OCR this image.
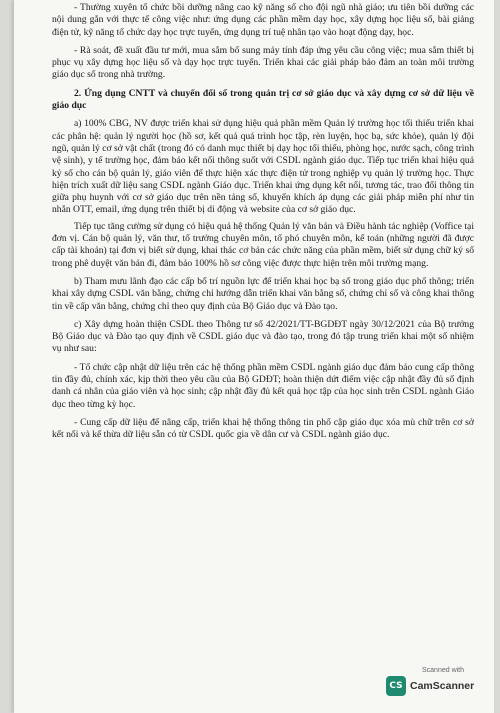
- Thường xuyên tổ chức bồi dưỡng nâng cao kỹ năng số cho đội ngũ nhà giáo; ưu tiên bồi dưỡng các nội dung gắn với thực tế công việc như: ứng dụng các phần mềm dạy học, xây dựng học liệu số, bài giảng điện tử, kỹ năng tổ chức dạy học trực tuyến, ứng dụng trí tuệ nhân tạo vào hoạt động dạy, học.

- Rà soát, đề xuất đầu tư mới, mua sắm bổ sung máy tính đáp ứng yêu cầu công việc; mua sắm thiết bị phục vụ xây dựng học liệu số và dạy học trực tuyến. Triển khai các giải pháp bảo đảm an toàn môi trường giáo dục số trong nhà trường.

2. Ứng dụng CNTT và chuyển đổi số trong quản trị cơ sở giáo dục và xây dựng cơ sở dữ liệu về giáo dục

a) 100% CBG, NV được triển khai sử dụng hiệu quả phần mềm Quản lý trường học tối thiểu triển khai các phân hệ: quản lý người học (hồ sơ, kết quả quá trình học tập, rèn luyện, học bạ, sức khỏe), quản lý đội ngũ, quản lý cơ sở vật chất (trong đó có danh mục thiết bị dạy học tối thiểu, phòng học, nước sạch, công trình vệ sinh), y tế trường học, đảm bảo kết nối thông suốt với CSDL ngành giáo dục. Tiếp tục triển khai hiệu quả ký số cho cán bộ quản lý, giáo viên để thực hiện xác thực điện tử trong nghiệp vụ quản lý trường học. Thực hiện trích xuất dữ liệu sang CSDL ngành Giáo dục. Triển khai ứng dụng kết nối, tương tác, trao đổi thông tin giữa phụ huynh với cơ sở giáo dục trên nền tảng số, khuyến khích áp dụng các giải pháp miễn phí như tin nhắn OTT, email, ứng dụng trên thiết bị di động và website của cơ sở giáo dục.

Tiếp tục tăng cường sử dụng có hiệu quả hệ thống Quản lý văn bản và Điều hành tác nghiệp (Voffice tại đơn vị. Cán bộ quản lý, văn thư, tổ trưởng chuyên môn, tổ phó chuyên môn, kế toán (những người đã được cấp tài khoản) tại đơn vị biết sử dụng, khai thác cơ bản các chức năng của phần mềm, biết sử dụng chữ ký số trong phê duyệt văn bản đi, đảm bảo 100% hồ sơ công việc được thực hiện trên môi trường mạng.

b) Tham mưu lãnh đạo các cấp bố trí nguồn lực để triển khai học bạ số trong giáo dục phổ thông; triển khai xây dựng CSDL văn bằng, chứng chỉ hướng dẫn triển khai văn bằng số, chứng chỉ số và công khai thông tin về cấp văn bằng, chứng chỉ theo quy định của Bộ Giáo dục và Đào tạo.

c) Xây dựng hoàn thiện CSDL theo Thông tư số 42/2021/TT-BGDĐT ngày 30/12/2021 của Bộ trưởng Bộ Giáo dục và Đào tạo quy định về CSDL giáo dục và đào tạo, trong đó tập trung triển khai một số nhiệm vụ như sau:

- Tổ chức cập nhật dữ liệu trên các hệ thống phần mềm CSDL ngành giáo dục đảm bảo cung cấp thông tin đầy đủ, chính xác, kịp thời theo yêu cầu của Bộ GDĐT; hoàn thiện dứt điểm việc cập nhật đầy đủ số định danh cá nhân của giáo viên và học sinh; cập nhật đầy đủ kết quả học tập của học sinh trên CSDL ngành Giáo dục theo từng kỳ học.

- Cung cấp dữ liệu để nâng cấp, triển khai hệ thống thông tin phổ cập giáo dục xóa mù chữ trên cơ sở kết nối và kế thừa dữ liệu sẵn có từ CSDL quốc gia về dân cư và CSDL ngành giáo dục.

Scanned with
CS CamScanner
